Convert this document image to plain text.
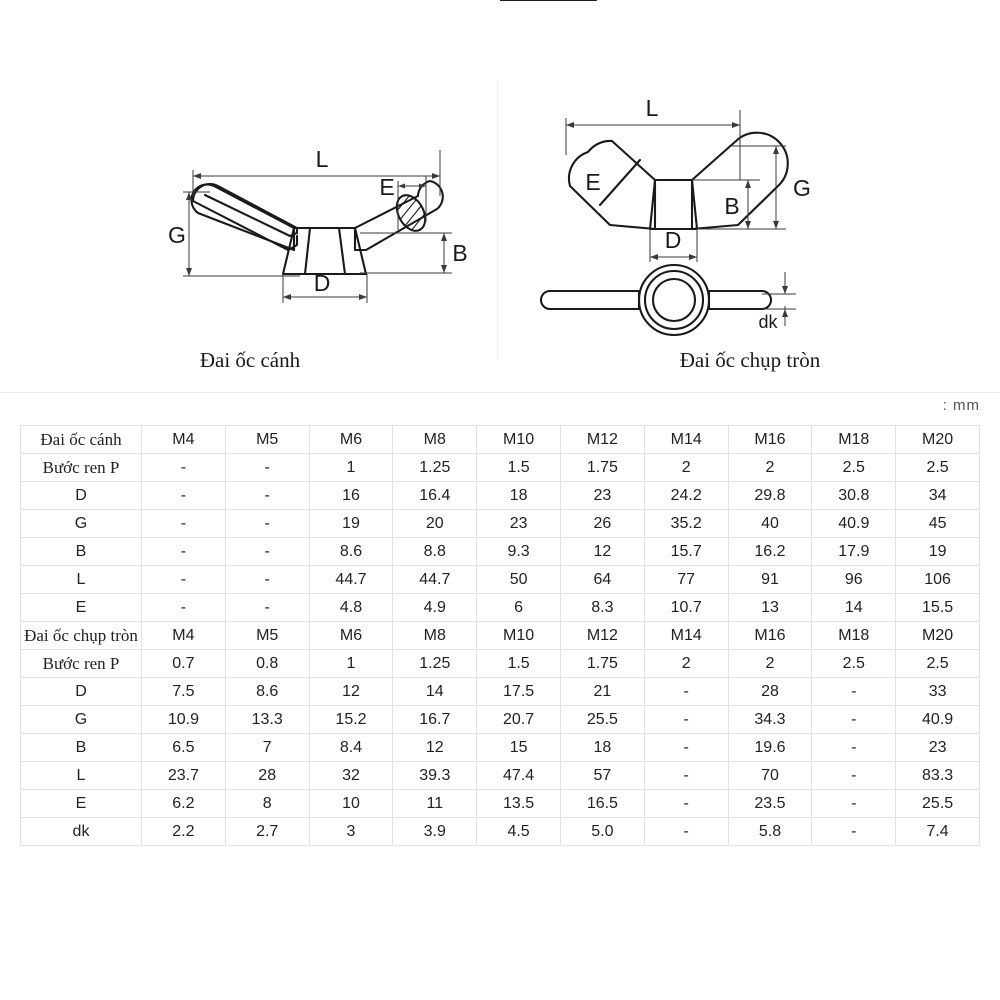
L
G
B
D
E
L
G
B
D
E
dk
Đai ốc cánh	Đai ốc chụp tròn
: mm
Đai ốc cánh	M4	M5	M6	M8	M10	M12	M14	M16	M18	M20
Bước ren P	-	-	1	1.25	1.5	1.75	2	2	2.5	2.5
D	-	-	16	16.4	18	23	24.2	29.8	30.8	34
G	-	-	19	20	23	26	35.2	40	40.9	45
B	-	-	8.6	8.8	9.3	12	15.7	16.2	17.9	19
L	-	-	44.7	44.7	50	64	77	91	96	106
E	-	-	4.8	4.9	6	8.3	10.7	13	14	15.5
Đai ốc chụp tròn	M4	M5	M6	M8	M10	M12	M14	M16	M18	M20
Bước ren P	0.7	0.8	1	1.25	1.5	1.75	2	2	2.5	2.5
D	7.5	8.6	12	14	17.5	21	-	28	-	33
G	10.9	13.3	15.2	16.7	20.7	25.5	-	34.3	-	40.9
B	6.5	7	8.4	12	15	18	-	19.6	-	23
L	23.7	28	32	39.3	47.4	57	-	70	-	83.3
E	6.2	8	10	11	13.5	16.5	-	23.5	-	25.5
dk	2.2	2.7	3	3.9	4.5	5.0	-	5.8	-	7.4
